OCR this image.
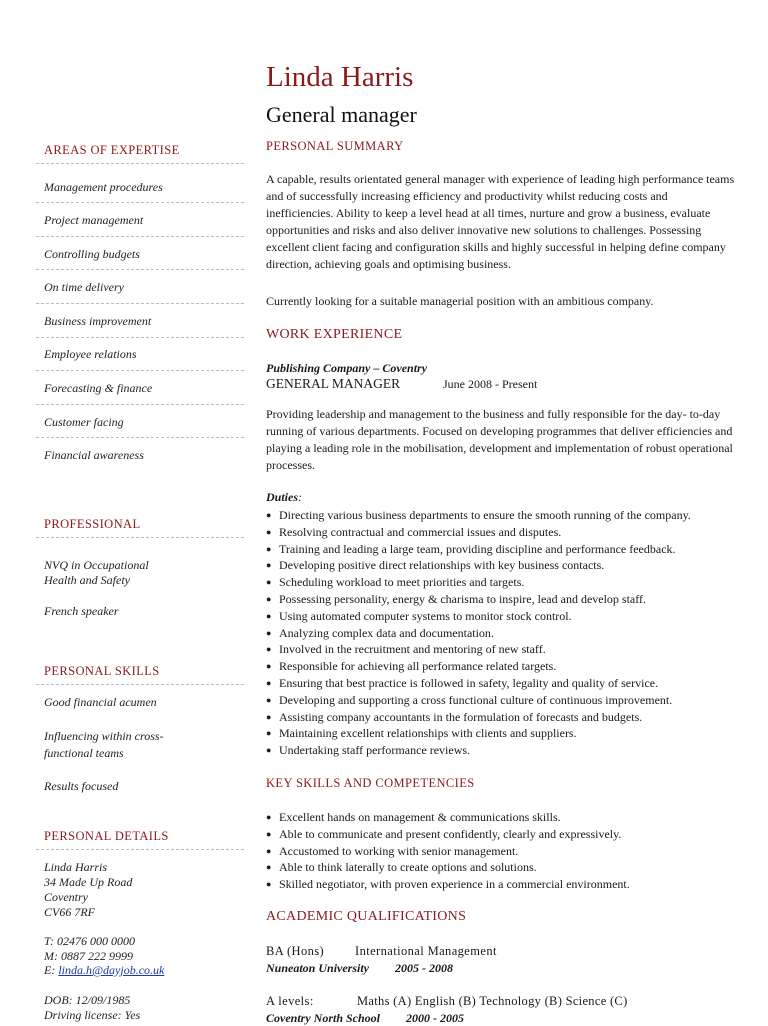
Linda Harris
General manager
AREAS OF EXPERTISE
Management procedures
Project management
Controlling budgets
On time delivery
Business improvement
Employee relations
Forecasting & finance
Customer facing
Financial awareness
PROFESSIONAL
NVQ in Occupational
Health and Safety
French speaker
PERSONAL SKILLS
Good financial acumen
Influencing within cross-
functional teams
Results focused
PERSONAL DETAILS
Linda Harris
34 Made Up Road
Coventry
CV66 7RF
T: 02476 000 0000
M: 0887 222 9999
E: linda.h@dayjob.co.uk
DOB: 12/09/1985
Driving license: Yes
PERSONAL SUMMARY
A capable, results orientated general manager with experience of leading high performance teams and of successfully increasing efficiency and productivity whilst reducing costs and inefficiencies. Ability to keep a level head at all times, nurture and grow a business, evaluate opportunities and risks and also deliver innovative new solutions to challenges. Possessing excellent client facing and configuration skills and highly successful in helping define company direction, achieving goals and optimising business.
Currently looking for a suitable managerial position with an ambitious company.
WORK EXPERIENCE
Publishing Company – Coventry
GENERAL MANAGER	June 2008 - Present
Providing leadership and management to the business and fully responsible for the day- to-day running of various departments. Focused on developing programmes that deliver efficiencies and playing a leading role in the mobilisation, development and implementation of robust operational processes.
Duties:
● Directing various business departments to ensure the smooth running of the company.
● Resolving contractual and commercial issues and disputes.
● Training and leading a large team, providing discipline and performance feedback.
● Developing positive direct relationships with key business contacts.
● Scheduling workload to meet priorities and targets.
● Possessing personality, energy & charisma to inspire, lead and develop staff.
● Using automated computer systems to monitor stock control.
● Analyzing complex data and documentation.
● Involved in the recruitment and mentoring of new staff.
● Responsible for achieving all performance related targets.
● Ensuring that best practice is followed in safety, legality and quality of service.
● Developing and supporting a cross functional culture of continuous improvement.
● Assisting company accountants in the formulation of forecasts and budgets.
● Maintaining excellent relationships with clients and suppliers.
● Undertaking staff performance reviews.
KEY SKILLS AND COMPETENCIES
● Excellent hands on management & communications skills.
● Able to communicate and present confidently, clearly and expressively.
● Accustomed to working with senior management.
● Able to think laterally to create options and solutions.
● Skilled negotiator, with proven experience in a commercial environment.
ACADEMIC QUALIFICATIONS
BA (Hons) International Management
Nuneaton University 2005 - 2008
A levels:	Maths (A) English (B) Technology (B) Science (C)
Coventry North School 2000 - 2005
